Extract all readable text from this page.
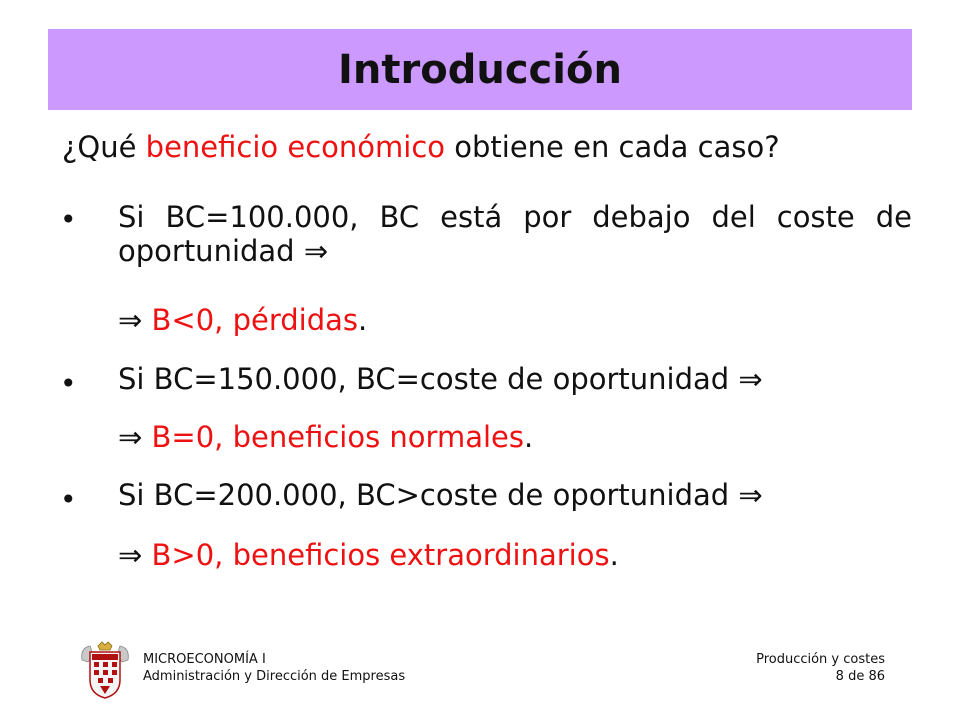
Introducción
¿Qué beneficio económico obtiene en cada caso?
• Si BC=100.000, BC está por debajo del coste de oportunidad ⇒
⇒ B<0, pérdidas.
• Si BC=150.000, BC=coste de oportunidad ⇒
⇒ B=0, beneficios normales.
• Si BC=200.000, BC>coste de oportunidad ⇒
⇒ B>0, beneficios extraordinarios.
MICROECONOMÍA I
Administración y Dirección de Empresas
Producción y costes
8 de 86
